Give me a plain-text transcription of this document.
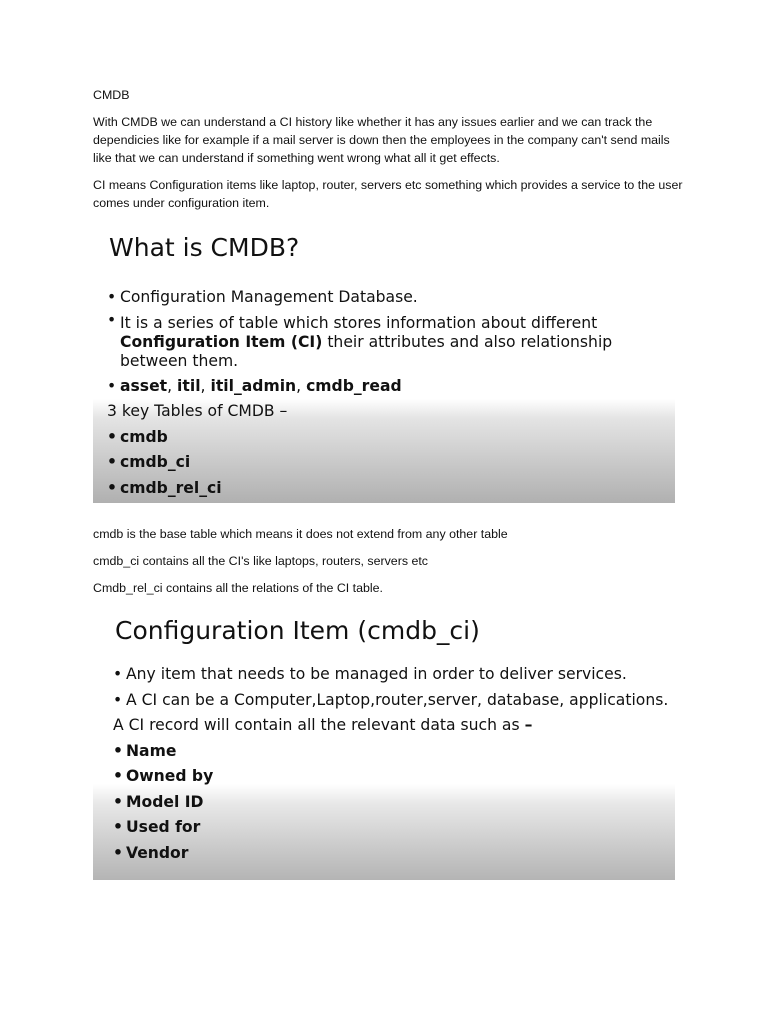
CMDB

With CMDB we can understand a CI history like whether it has any issues earlier and we can track the dependicies like for example if a mail server is down then the employees in the company can't send mails like that we can understand if something went wrong what all it get effects.

CI means Configuration items like laptop, router, servers etc something which provides a service to the user comes under configuration item.

What is CMDB?
• Configuration Management Database.
• It is a series of table which stores information about different Configuration Item (CI) their attributes and also relationship between them.
• asset, itil, itil_admin, cmdb_read
3 key Tables of CMDB –
• cmdb
• cmdb_ci
• cmdb_rel_ci

cmdb is the base table which means it does not extend from any other table

cmdb_ci contains all the CI's like laptops, routers, servers etc

Cmdb_rel_ci contains all the relations of the CI table.

Configuration Item (cmdb_ci)
• Any item that needs to be managed in order to deliver services.
• A CI can be a Computer,Laptop,router,server, database, applications.
A CI record will contain all the relevant data such as –
• Name
• Owned by
• Model ID
• Used for
• Vendor
